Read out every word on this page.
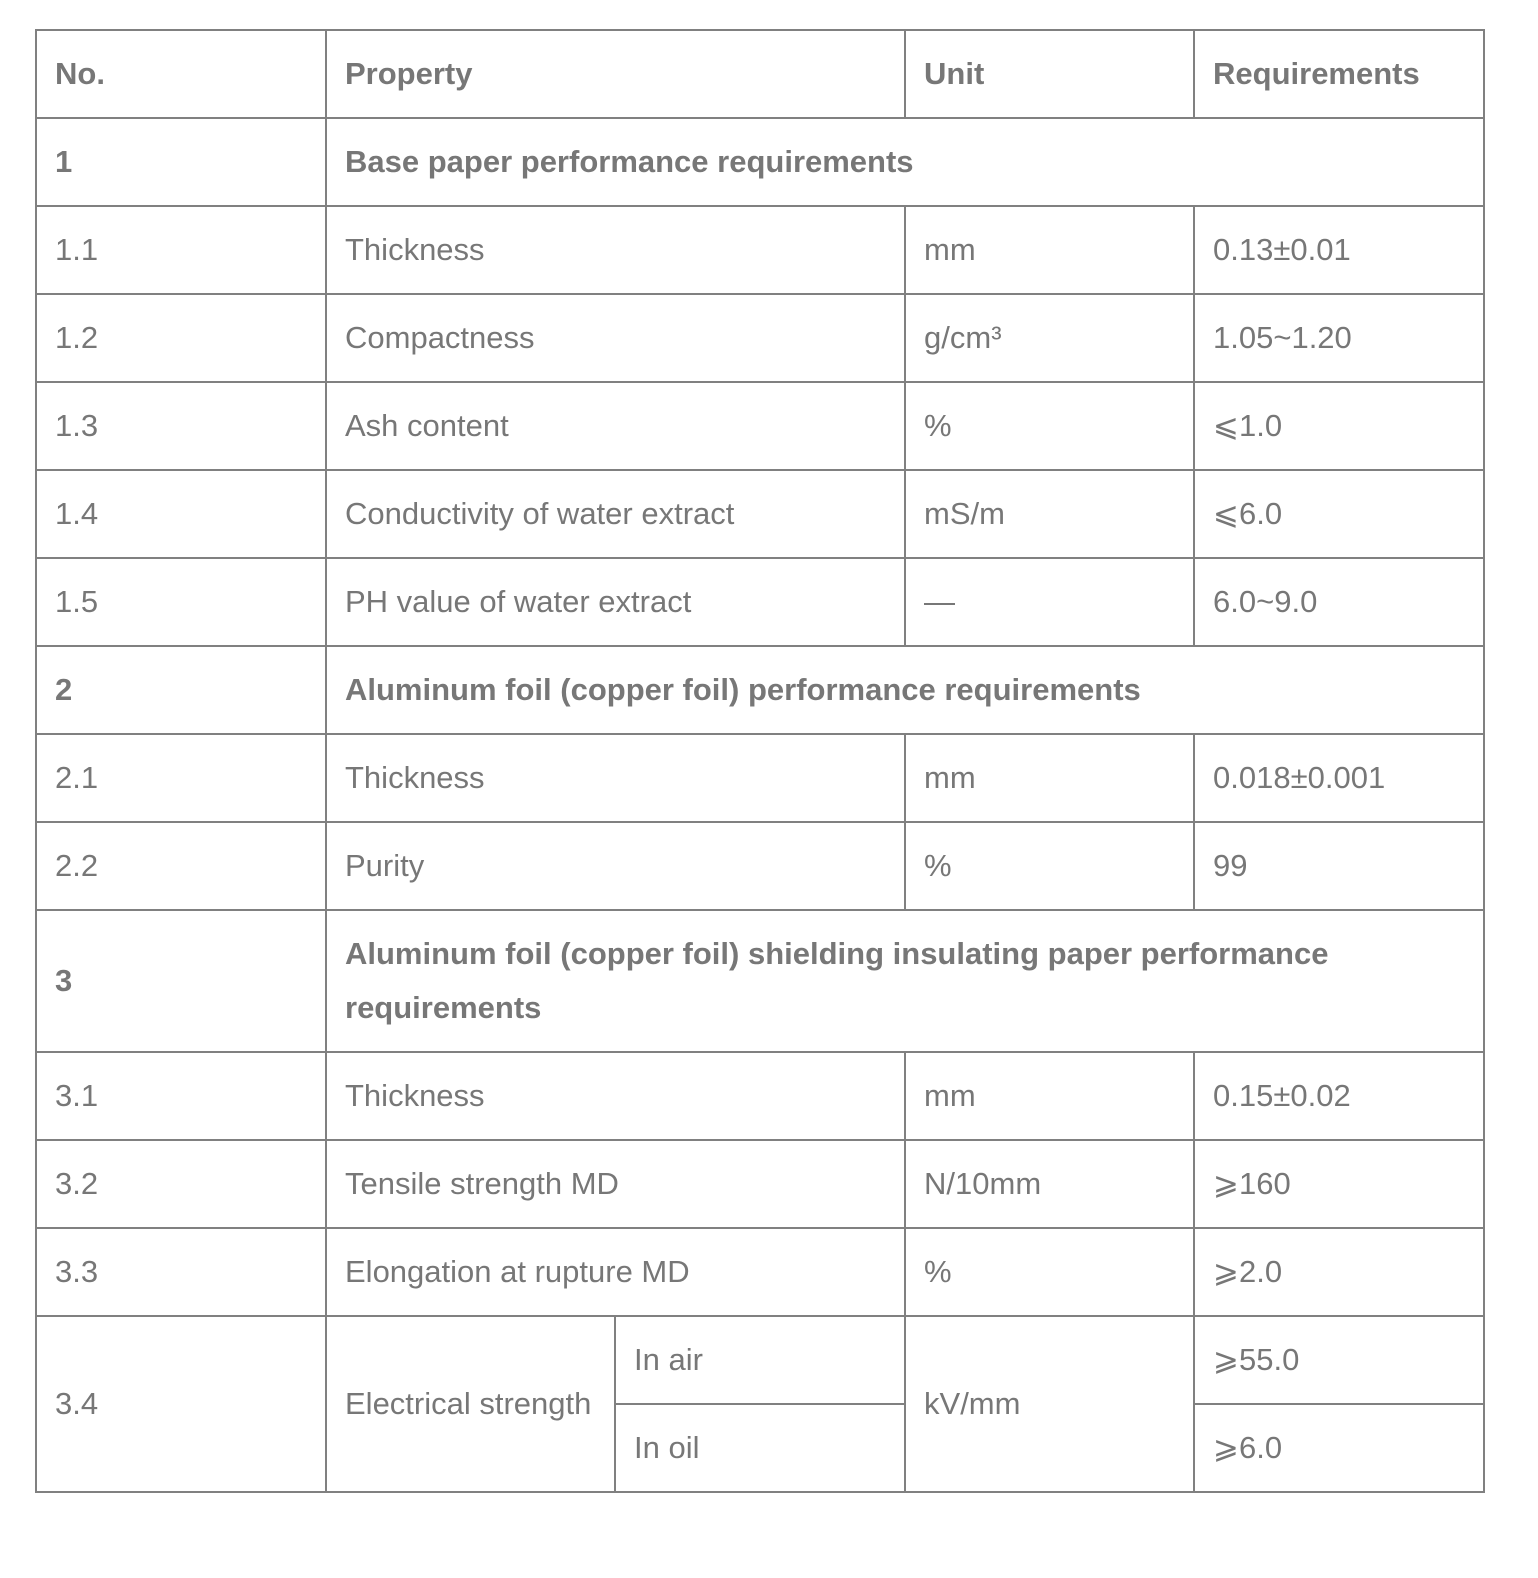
No.	Property		Unit	Requirements
1	Base paper performance requirements			
1.1	Thickness		mm	0.13±0.01
1.2	Compactness		g/cm³	1.05~1.20
1.3	Ash content		%	⩽1.0
1.4	Conductivity of water extract		mS/m	⩽6.0
1.5	PH value of water extract		—	6.0~9.0
2	Aluminum foil (copper foil) performance requirements			
2.1	Thickness		mm	0.018±0.001
2.2	Purity		%	99
3	Aluminum foil (copper foil) shielding insulating paper performance requirements			
3.1	Thickness		mm	0.15±0.02
3.2	Tensile strength MD		N/10mm	⩾160
3.3	Elongation at rupture MD		%	⩾2.0
3.4	Electrical strength	In air	kV/mm	⩾55.0
		In oil		⩾6.0
